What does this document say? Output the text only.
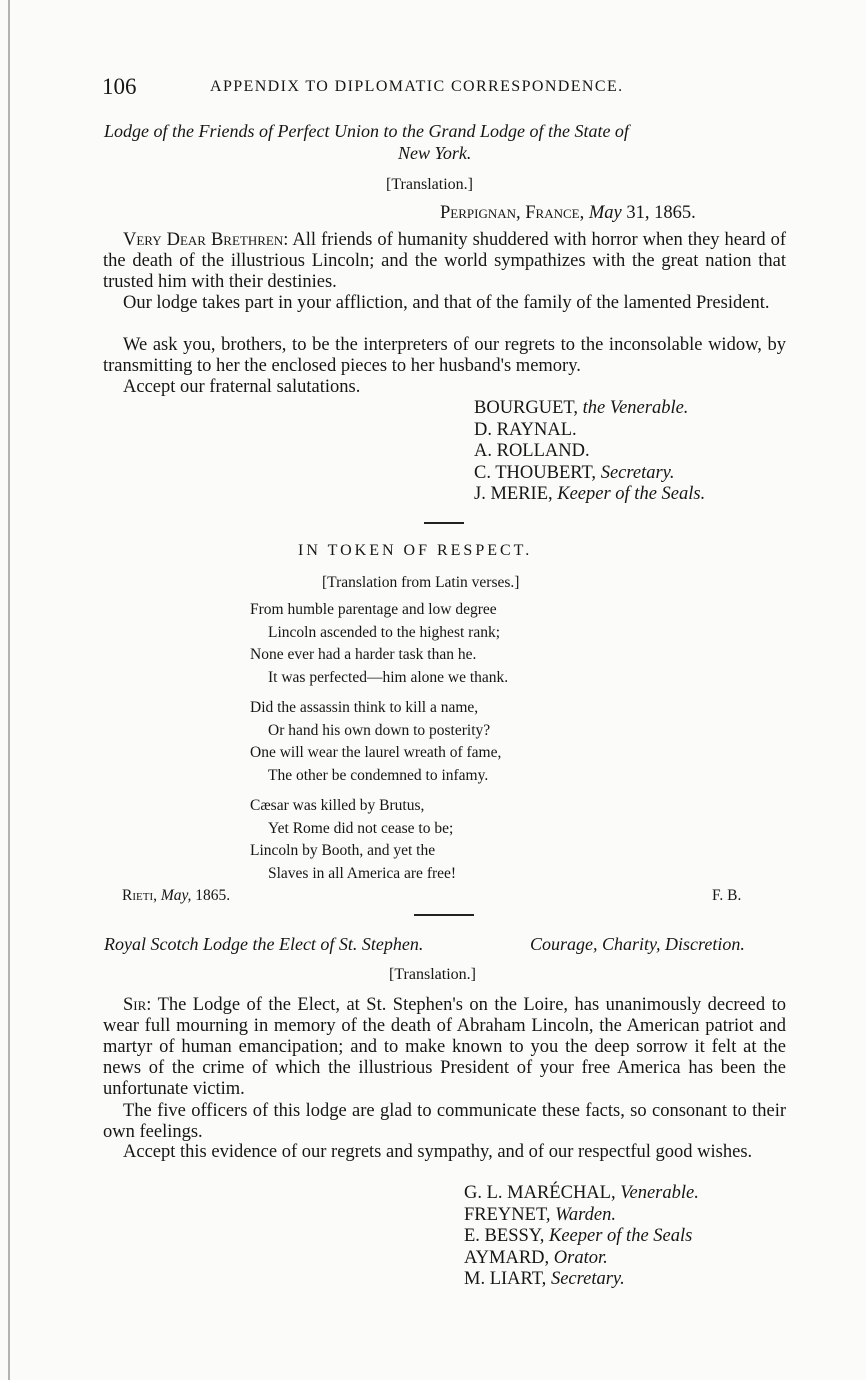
106	APPENDIX TO DIPLOMATIC CORRESPONDENCE.
Lodge of the Friends of Perfect Union to the Grand Lodge of the State of
New York.
[Translation.]
Perpignan, France, May 31, 1865.
Very Dear Brethren: All friends of humanity shuddered with horror when they heard of the death of the illustrious Lincoln; and the world sympathizes with the great nation that trusted him with their destinies.
Our lodge takes part in your affliction, and that of the family of the lamented President.
We ask you, brothers, to be the interpreters of our regrets to the inconsolable widow, by transmitting to her the enclosed pieces to her husband's memory.
Accept our fraternal salutations.
BOURGUET, the Venerable.
D. RAYNAL.
A. ROLLAND.
C. THOUBERT, Secretary.
J. MERIE, Keeper of the Seals.
IN TOKEN OF RESPECT.
[Translation from Latin verses.]
From humble parentage and low degree
Lincoln ascended to the highest rank;
None ever had a harder task than he.
It was perfected—him alone we thank.
Did the assassin think to kill a name,
Or hand his own down to posterity?
One will wear the laurel wreath of fame,
The other be condemned to infamy.
Cæsar was killed by Brutus,
Yet Rome did not cease to be;
Lincoln by Booth, and yet the
Slaves in all America are free!
Rieti, May, 1865.	F. B.
Royal Scotch Lodge the Elect of St. Stephen.	Courage, Charity, Discretion.
[Translation.]
Sir: The Lodge of the Elect, at St. Stephen's on the Loire, has unanimously decreed to wear full mourning in memory of the death of Abraham Lincoln, the American patriot and martyr of human emancipation; and to make known to you the deep sorrow it felt at the news of the crime of which the illustrious President of your free America has been the unfortunate victim.
The five officers of this lodge are glad to communicate these facts, so consonant to their own feelings.
Accept this evidence of our regrets and sympathy, and of our respectful good wishes.
G. L. MARÉCHAL, Venerable.
FREYNET, Warden.
E. BESSY, Keeper of the Seals
AYMARD, Orator.
M. LIART, Secretary.
